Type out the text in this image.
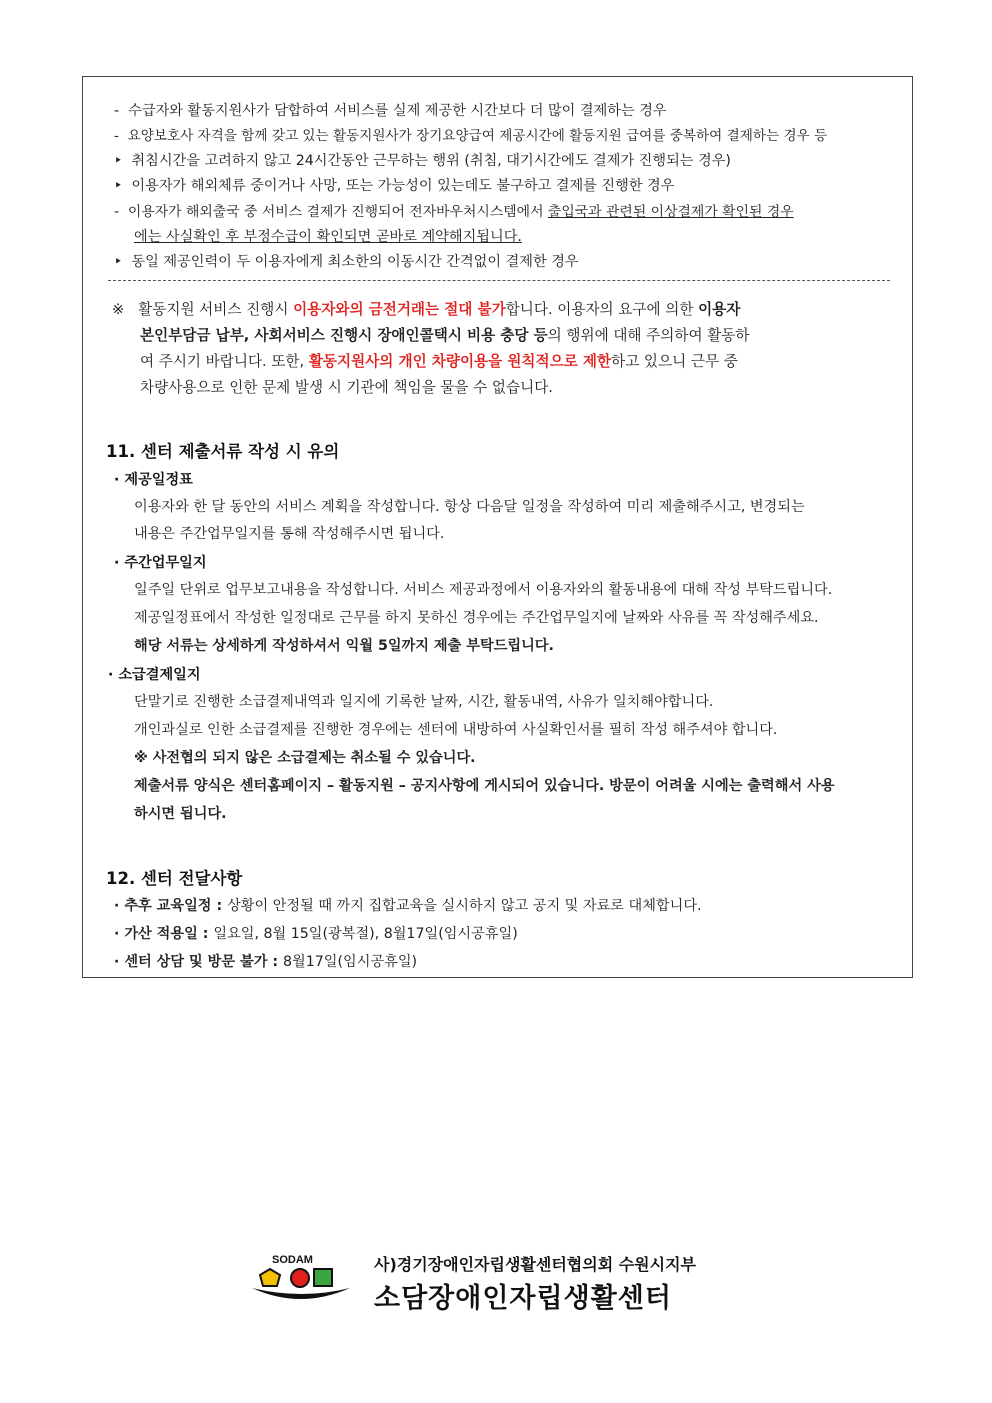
- 수급자와 활동지원사가 담합하여 서비스를 실제 제공한 시간보다 더 많이 결제하는 경우
- 요양보호사 자격을 함께 갖고 있는 활동지원사가 장기요양급여 제공시간에 활동지원 급여를 중복하여 결제하는 경우 등
‣ 취침시간을 고려하지 않고 24시간동안 근무하는 행위 (취침, 대기시간에도 결제가 진행되는 경우)
‣ 이용자가 해외체류 중이거나 사망, 또는 가능성이 있는데도 불구하고 결제를 진행한 경우
- 이용자가 해외출국 중 서비스 결제가 진행되어 전자바우처시스템에서 출입국과 관련된 이상결제가 확인된 경우
에는 사실확인 후 부정수급이 확인되면 곧바로 계약해지됩니다.
‣ 동일 제공인력이 두 이용자에게 최소한의 이동시간 간격없이 결제한 경우
※ 활동지원 서비스 진행시 이용자와의 금전거래는 절대 불가합니다. 이용자의 요구에 의한 이용자
본인부담금 납부, 사회서비스 진행시 장애인콜택시 비용 충당 등의 행위에 대해 주의하여 활동하
여 주시기 바랍니다. 또한, 활동지원사의 개인 차량이용을 원칙적으로 제한하고 있으니 근무 중
차량사용으로 인한 문제 발생 시 기관에 책임을 물을 수 없습니다.
11. 센터 제출서류 작성 시 유의
· 제공일정표
이용자와 한 달 동안의 서비스 계획을 작성합니다. 항상 다음달 일정을 작성하여 미리 제출해주시고, 변경되는
내용은 주간업무일지를 통해 작성해주시면 됩니다.
· 주간업무일지
일주일 단위로 업무보고내용을 작성합니다. 서비스 제공과정에서 이용자와의 활동내용에 대해 작성 부탁드립니다.
제공일정표에서 작성한 일정대로 근무를 하지 못하신 경우에는 주간업무일지에 날짜와 사유를 꼭 작성해주세요.
해당 서류는 상세하게 작성하셔서 익월 5일까지 제출 부탁드립니다.
· 소급결제일지
단말기로 진행한 소급결제내역과 일지에 기록한 날짜, 시간, 활동내역, 사유가 일치해야합니다.
개인과실로 인한 소급결제를 진행한 경우에는 센터에 내방하여 사실확인서를 필히 작성 해주셔야 합니다.
※ 사전협의 되지 않은 소급결제는 취소될 수 있습니다.
제출서류 양식은 센터홈페이지 – 활동지원 – 공지사항에 게시되어 있습니다. 방문이 어려울 시에는 출력해서 사용
하시면 됩니다.
12. 센터 전달사항
· 추후 교육일정 : 상황이 안정될 때 까지 집합교육을 실시하지 않고 공지 및 자료로 대체합니다.
· 가산 적용일 : 일요일, 8월 15일(광복절), 8월17일(임시공휴일)
· 센터 상담 및 방문 불가 : 8월17일(임시공휴일)
SODAM	사)경기장애인자립생활센터협의회 수원시지부
소담장애인자립생활센터
